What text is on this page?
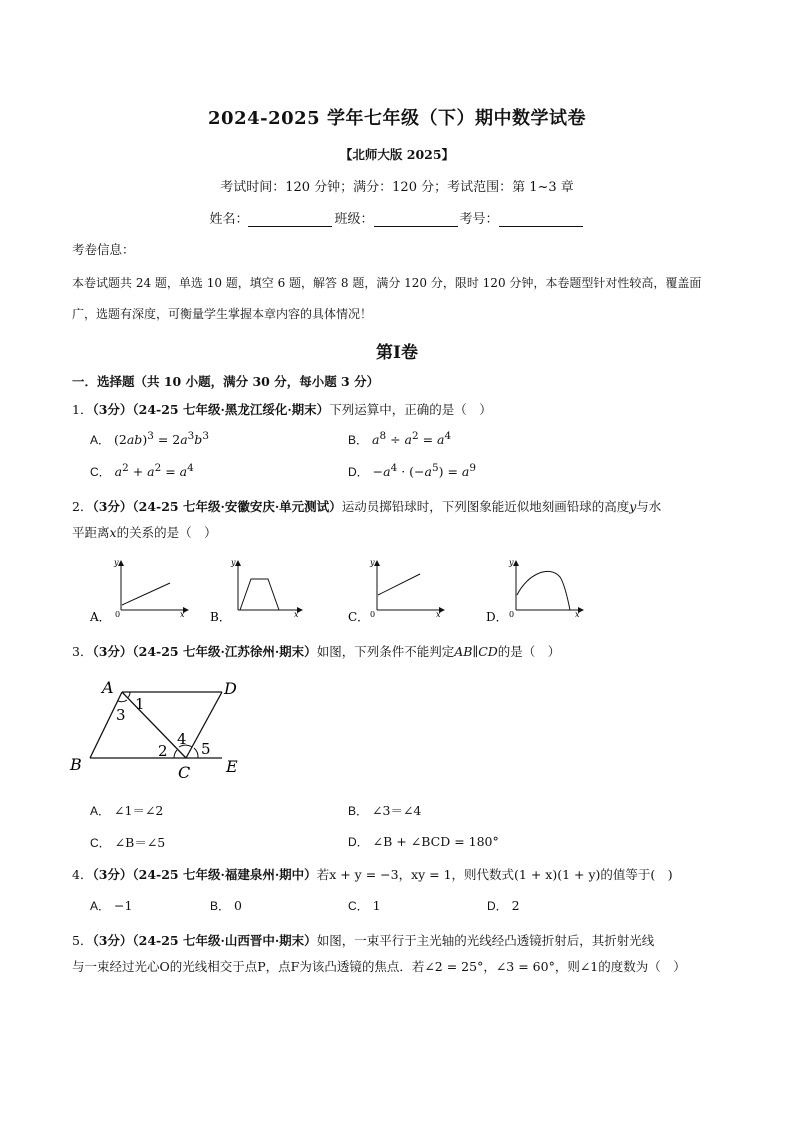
2024-2025 学年七年级（下）期中数学试卷
【北师大版 2025】
考试时间：120 分钟；满分：120 分；考试范围：第 1~3 章
姓名：	班级：	考号：
考卷信息：
本卷试题共 24 题，单选 10 题，填空 6 题，解答 8 题，满分 120 分，限时 120 分钟，本卷题型针对性较高，覆盖面广，选题有深度，可衡量学生掌握本章内容的具体情况！
第Ⅰ卷
一．选择题（共 10 小题，满分 30 分，每小题 3 分）
1．（3分）（24-25 七年级·黑龙江绥化·期末）下列运算中，正确的是（　）
A． $(2ab)^3 = 2a^3b^3$	B． $a^8 \div a^2 = a^4$
C． $a^2 + a^2 = a^4$	D． $-a^4 \cdot (-a^5) = a^9$
2．（3分）（24-25 七年级·安徽安庆·单元测试）运动员掷铅球时，下列图象能近似地刻画铅球的高度y与水
平距离x的关系的是（　）
A．
y
x
0	B．
y
x	C．
y
x
0	D．
y
x
0
3．（3分）（24-25 七年级·江苏徐州·期末）如图，下列条件不能判定AB∥CD的是（　）
A	D
B	C E
1
3
2
4
5
A． ∠1＝∠2	B． ∠3＝∠4
C． ∠B＝∠5	D． ∠B + ∠BCD = 180°
4．（3分）（24-25 七年级·福建泉州·期中）若x + y = −3，xy = 1，则代数式(1 + x)(1 + y)的值等于(　)
A． −1	B． 0	C． 1	D． 2
5．（3分）（24-25 七年级·山西晋中·期末）如图，一束平行于主光轴的光线经凸透镜折射后，其折射光线
与一束经过光心O的光线相交于点P，点F为该凸透镜的焦点．若∠2 = 25°，∠3 = 60°，则∠1的度数为（　）
